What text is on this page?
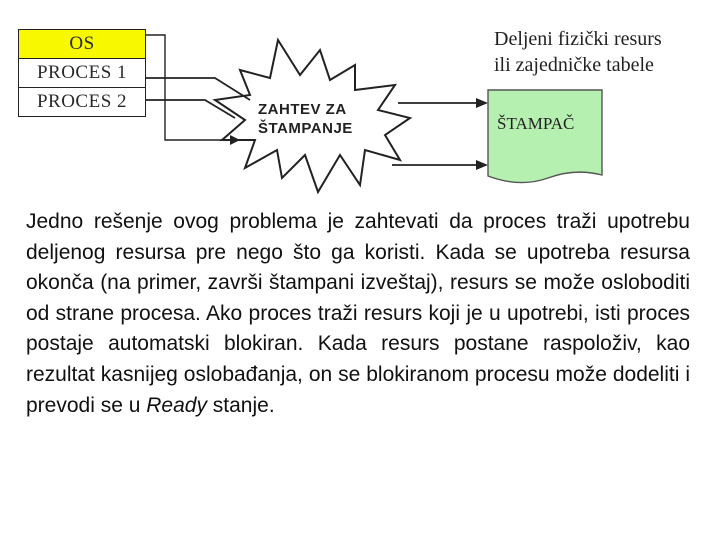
OS
PROCES 1
PROCES 2	ZAHTEV ZA
ŠTAMPANJE
Deljeni fizički resurs
ili zajedničke tabele
ŠTAMPAČ

Jedno rešenje ovog problema je zahtevati da proces traži upotrebu deljenog resursa pre nego što ga koristi. Kada se upotreba resursa okonča (na primer, završi štampani izveštaj), resurs se može osloboditi od strane procesa. Ako proces traži resurs koji je u upotrebi, isti proces postaje automatski blokiran. Kada resurs postane raspoloživ, kao rezultat kasnijeg oslobađanja, on se blokiranom procesu može dodeliti i prevodi se u Ready stanje.
